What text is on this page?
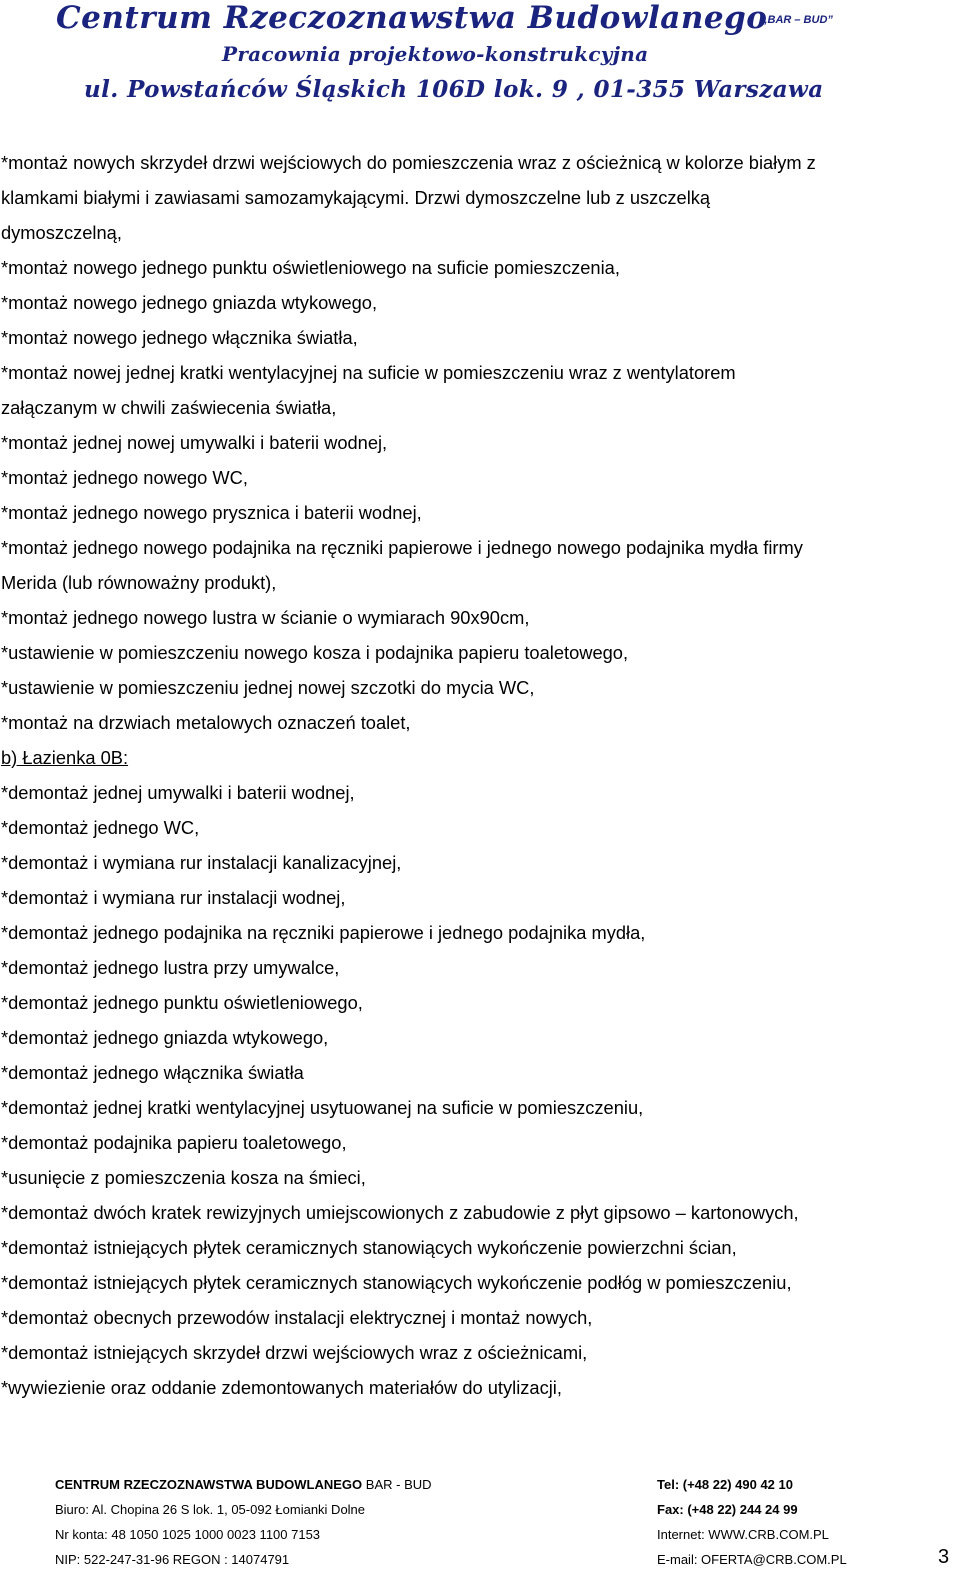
Centrum Rzeczoznawstwa Budowlanego

„BAR – BUD”

Pracownia projektowo-konstrukcyjna

ul. Powstańców Śląskich 106D lok. 9 , 01-355 Warszawa

*montaż nowych skrzydeł drzwi wejściowych do pomieszczenia wraz z ościeżnicą w kolorze białym z

klamkami białymi i zawiasami samozamykającymi. Drzwi dymoszczelne lub z uszczelką

dymoszczelną,

*montaż nowego jednego punktu oświetleniowego na suficie pomieszczenia,

*montaż nowego jednego gniazda wtykowego,

*montaż nowego jednego włącznika światła,

*montaż nowej jednej kratki wentylacyjnej na suficie w pomieszczeniu wraz z wentylatorem

załączanym w chwili zaświecenia światła,

*montaż jednej nowej umywalki i baterii wodnej,

*montaż jednego nowego WC,

*montaż jednego nowego prysznica i baterii wodnej,

*montaż jednego nowego podajnika na ręczniki papierowe i jednego nowego podajnika mydła firmy

Merida (lub równoważny produkt),

*montaż jednego nowego lustra w ścianie o wymiarach 90x90cm,

*ustawienie w pomieszczeniu nowego kosza i podajnika papieru toaletowego,

*ustawienie w pomieszczeniu jednej nowej szczotki do mycia WC,

*montaż na drzwiach metalowych oznaczeń toalet,

b) Łazienka 0B:

*demontaż jednej umywalki i baterii wodnej,

*demontaż jednego WC,

*demontaż i wymiana rur instalacji kanalizacyjnej,

*demontaż i wymiana rur instalacji wodnej,

*demontaż jednego podajnika na ręczniki papierowe i jednego podajnika mydła,

*demontaż jednego lustra przy umywalce,

*demontaż jednego punktu oświetleniowego,

*demontaż jednego gniazda wtykowego,

*demontaż jednego włącznika światła

*demontaż jednej kratki wentylacyjnej usytuowanej na suficie w pomieszczeniu,

*demontaż podajnika papieru toaletowego,

*usunięcie z pomieszczenia kosza na śmieci,

*demontaż dwóch kratek rewizyjnych umiejscowionych z zabudowie z płyt gipsowo – kartonowych,

*demontaż istniejących płytek ceramicznych stanowiących wykończenie powierzchni ścian,

*demontaż istniejących płytek ceramicznych stanowiących wykończenie podłóg w pomieszczeniu,

*demontaż obecnych przewodów instalacji elektrycznej i montaż nowych,

*demontaż istniejących skrzydeł drzwi wejściowych wraz z ościeżnicami,

*wywiezienie oraz oddanie zdemontowanych materiałów do utylizacji,

CENTRUM RZECZOZNAWSTWA BUDOWLANEGO BAR - BUD

Biuro: Al. Chopina 26 S lok. 1, 05-092 Łomianki Dolne

Nr konta: 48 1050 1025 1000 0023 1100 7153

NIP: 522-247-31-96 REGON : 14074791

Tel: (+48 22) 490 42 10

Fax: (+48 22) 244 24 99

Internet: WWW.CRB.COM.PL

E-mail: OFERTA@CRB.COM.PL	3
